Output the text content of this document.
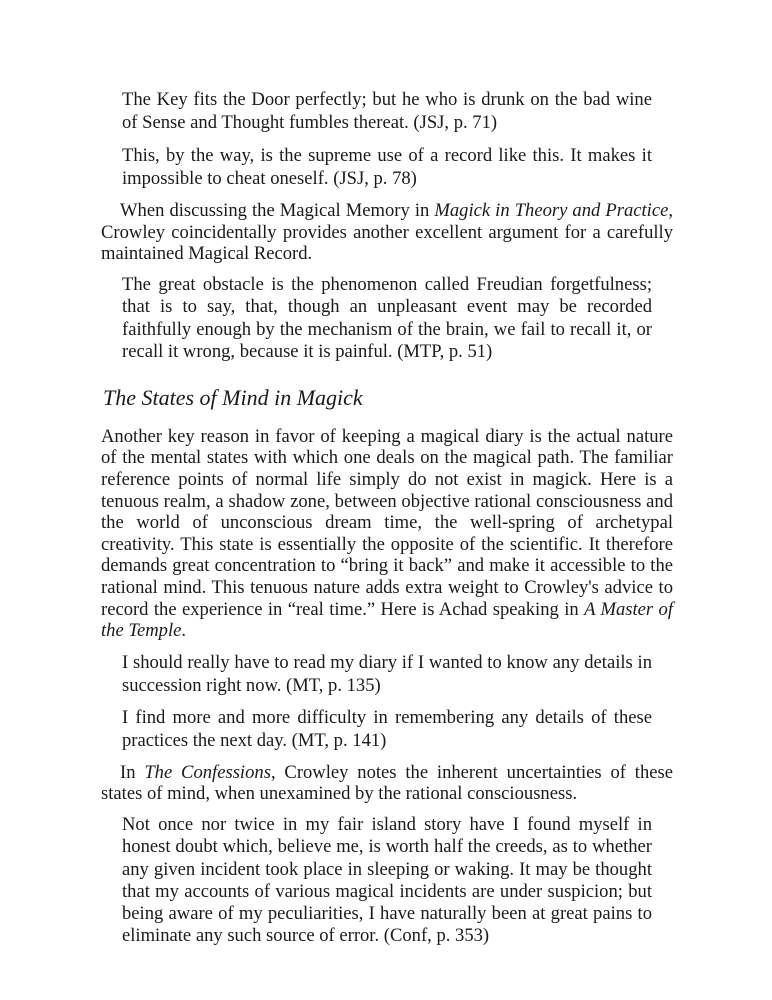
The Key fits the Door perfectly; but he who is drunk on the bad wine of Sense and Thought fumbles thereat. (JSJ, p. 71)

This, by the way, is the supreme use of a record like this. It makes it impossible to cheat oneself. (JSJ, p. 78)

When discussing the Magical Memory in Magick in Theory and Practice, Crowley coincidentally provides another excellent argument for a carefully maintained Magical Record.

The great obstacle is the phenomenon called Freudian forgetfulness; that is to say, that, though an unpleasant event may be recorded faithfully enough by the mechanism of the brain, we fail to recall it, or recall it wrong, because it is painful. (MTP, p. 51)

The States of Mind in Magick

Another key reason in favor of keeping a magical diary is the actual nature of the mental states with which one deals on the magical path. The familiar reference points of normal life simply do not exist in magick. Here is a tenuous realm, a shadow zone, between objective rational consciousness and the world of unconscious dream time, the well-spring of archetypal creativity. This state is essentially the opposite of the scientific. It therefore demands great concentration to “bring it back” and make it accessible to the rational mind. This tenuous nature adds extra weight to Crowley's advice to record the experience in “real time.” Here is Achad speaking in A Master of the Temple.

I should really have to read my diary if I wanted to know any details in succession right now. (MT, p. 135)

I find more and more difficulty in remembering any details of these practices the next day. (MT, p. 141)

In The Confessions, Crowley notes the inherent uncertainties of these states of mind, when unexamined by the rational consciousness.

Not once nor twice in my fair island story have I found myself in honest doubt which, believe me, is worth half the creeds, as to whether any given incident took place in sleeping or waking. It may be thought that my accounts of various magical incidents are under suspicion; but being aware of my peculiarities, I have naturally been at great pains to eliminate any such source of error. (Conf, p. 353)
